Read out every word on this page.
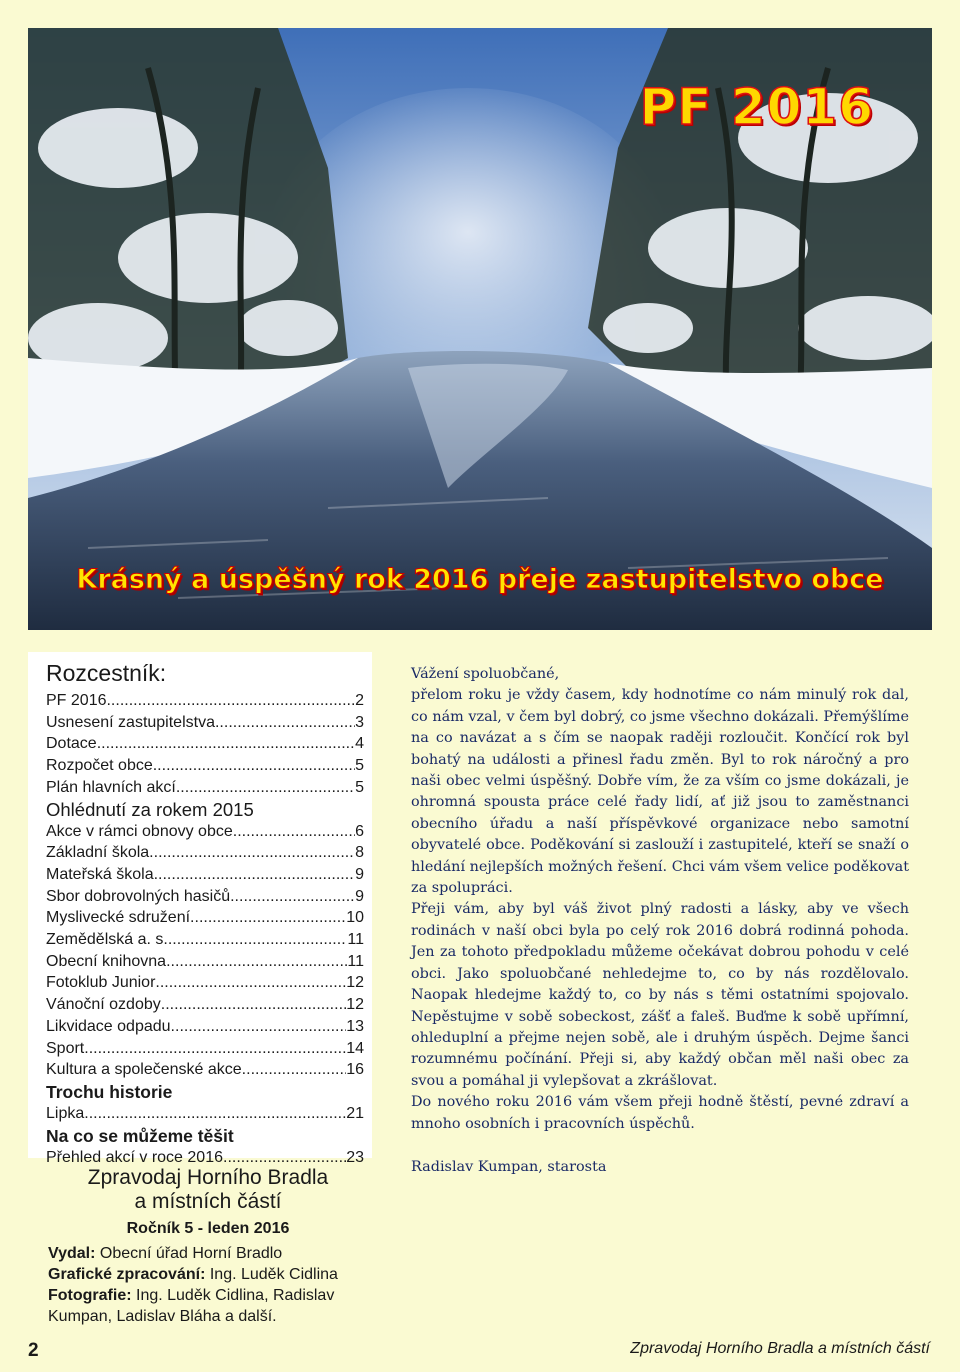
PF 2016
Krásný a úspěšný rok 2016 přeje zastupitelstvo obce
Rozcestník:
PF 2016 .....	2
Usnesení zastupitelstva .....	3
Dotace .....	4
Rozpočet obce .....	5
Plán hlavních akcí .....	5
Ohlédnutí za rokem 2015
Akce v rámci obnovy obce .....	6
Základní škola .....	8
Mateřská škola .....	9
Sbor dobrovolných hasičů .....	9
Myslivecké sdružení .....	10
Zemědělská a. s. .....	11
Obecní knihovna .....	11
Fotoklub Junior .....	12
Vánoční ozdoby .....	12
Likvidace odpadu .....	13
Sport .....	14
Kultura a společenské akce .....	16
Trochu historie
Lipka .....	21
Na co se můžeme těšit
Přehled akcí v roce 2016 .....	23
Zpravodaj Horního Bradla
a místních částí
Ročník 5 - leden 2016
Vydal: Obecní úřad Horní Bradlo
Grafické zpracování: Ing. Luděk Cidlina
Fotografie: Ing. Luděk Cidlina, Radislav Kumpan, Ladislav Bláha a další.

Vážení spoluobčané,

přelom roku je vždy časem, kdy hodnotíme co nám minulý rok dal, co nám vzal, v čem byl dobrý, co jsme všechno dokázali. Přemýšlíme na co navázat a s čím se naopak raději rozloučit. Končící rok byl bohatý na události a přinesl řadu změn. Byl to rok náročný a pro naši obec velmi úspěšný. Dobře vím, že za vším co jsme dokázali, je ohromná spousta práce celé řady lidí, ať již jsou to zaměstnanci obecního úřadu a naší příspěvkové organizace nebo samotní obyvatelé obce. Poděkování si zaslouží i zastupitelé, kteří se snaží o hledání nejlepších možných řešení. Chci vám všem velice poděkovat za spolupráci.

Přeji vám, aby byl váš život plný radosti a lásky, aby ve všech rodinách v naší obci byla po celý rok 2016 dobrá rodinná pohoda. Jen za tohoto předpokladu můžeme očekávat dobrou pohodu v celé obci. Jako spoluobčané nehledejme to, co by nás rozdělovalo. Naopak hledejme každý to, co by nás s těmi ostatními spojovalo. Nepěstujme v sobě sobeckost, zášť a faleš. Buďme k sobě upřímní, ohleduplní a přejme nejen sobě, ale i druhým úspěch. Dejme šanci rozumnému počínání. Přeji si, aby každý občan měl naši obec za svou a pomáhal ji vylepšovat a zkrášlovat.

Do nového roku 2016 vám všem přeji hodně štěstí, pevné zdraví a mnoho osobních i pracovních úspěchů.

Radislav Kumpan, starosta

2	Zpravodaj Horního Bradla a místních částí
